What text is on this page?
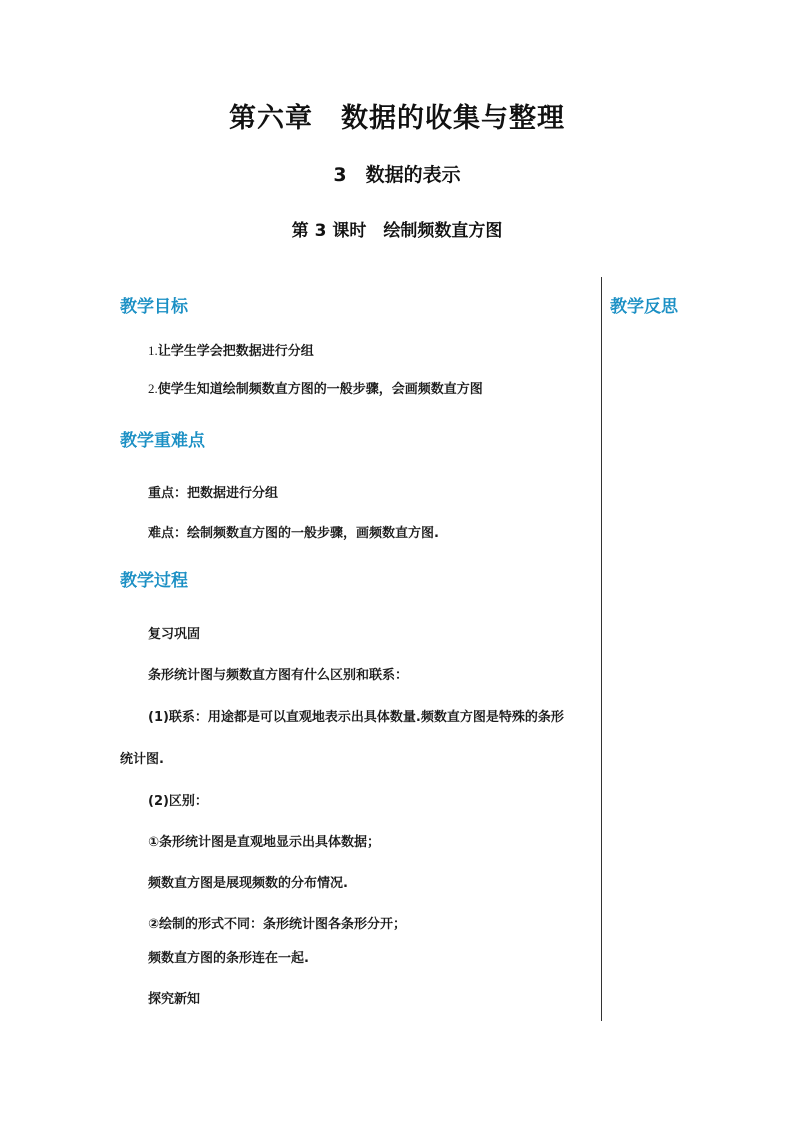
第六章　数据的收集与整理
3　数据的表示
第 3 课时　绘制频数直方图
教学反思
教学目标
1.让学生学会把数据进行分组
2.使学生知道绘制频数直方图的一般步骤，会画频数直方图
教学重难点
重点：把数据进行分组
难点：绘制频数直方图的一般步骤，画频数直方图.
教学过程
复习巩固
条形统计图与频数直方图有什么区别和联系：
(1)联系：用途都是可以直观地表示出具体数量.频数直方图是特殊的条形
统计图.
(2)区别：
①条形统计图是直观地显示出具体数据；
频数直方图是展现频数的分布情况.
②绘制的形式不同：条形统计图各条形分开；
频数直方图的条形连在一起.
探究新知
